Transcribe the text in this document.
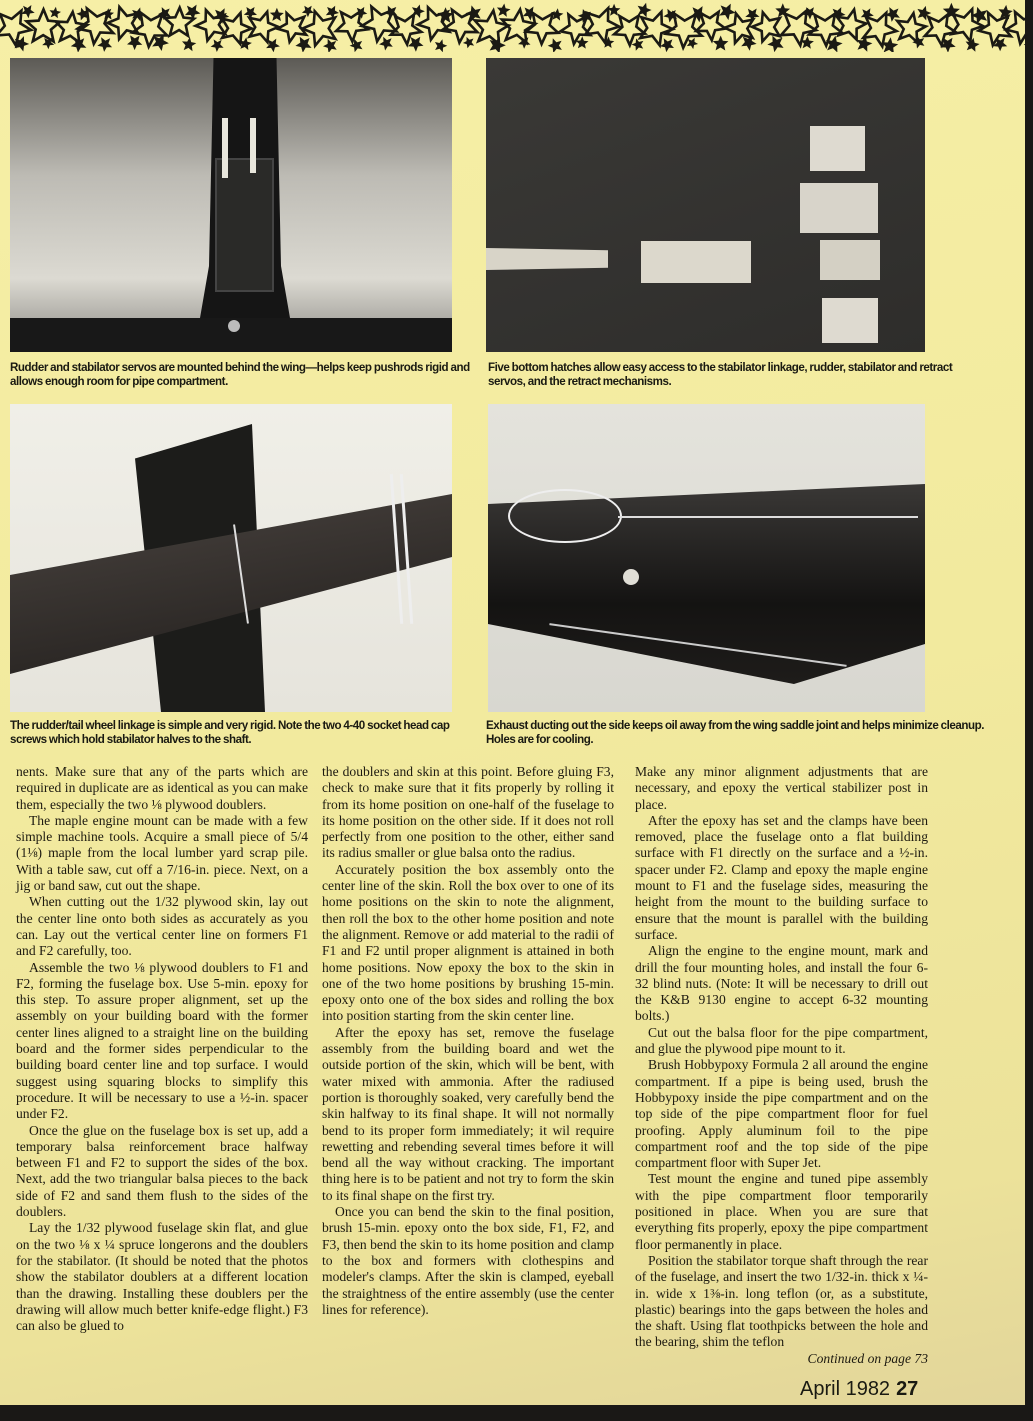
Rudder and stabilator servos are mounted behind the wing—helps keep pushrods rigid and allows enough room for pipe compartment.
Five bottom hatches allow easy access to the stabilator linkage, rudder, stabilator and retract servos, and the retract mechanisms.
The rudder/tail wheel linkage is simple and very rigid. Note the two 4-40 socket head cap screws which hold stabilator halves to the shaft.
Exhaust ducting out the side keeps oil away from the wing saddle joint and helps minimize cleanup. Holes are for cooling.

nents. Make sure that any of the parts which are required in duplicate are as identical as you can make them, especially the two ⅛ plywood doublers.

The maple engine mount can be made with a few simple machine tools. Acquire a small piece of 5/4 (1⅛) maple from the local lumber yard scrap pile. With a table saw, cut off a 7/16-in. piece. Next, on a jig or band saw, cut out the shape.

When cutting out the 1/32 plywood skin, lay out the center line onto both sides as accurately as you can. Lay out the vertical center line on formers F1 and F2 carefully, too.

Assemble the two ⅛ plywood doublers to F1 and F2, forming the fuselage box. Use 5-min. epoxy for this step. To assure proper alignment, set up the assembly on your building board with the former center lines aligned to a straight line on the building board and the former sides perpendicular to the building board center line and top surface. I would suggest using squaring blocks to simplify this procedure. It will be necessary to use a ½-in. spacer under F2.

Once the glue on the fuselage box is set up, add a temporary balsa reinforcement brace halfway between F1 and F2 to support the sides of the box. Next, add the two triangular balsa pieces to the back side of F2 and sand them flush to the sides of the doublers.

Lay the 1/32 plywood fuselage skin flat, and glue on the two ⅛ x ¼ spruce longerons and the doublers for the stabilator. (It should be noted that the photos show the stabilator doublers at a different location than the drawing. Installing these doublers per the drawing will allow much better knife-edge flight.) F3 can also be glued to

the doublers and skin at this point. Before gluing F3, check to make sure that it fits properly by rolling it from its home position on one-half of the fuselage to its home position on the other side. If it does not roll perfectly from one position to the other, either sand its radius smaller or glue balsa onto the radius.

Accurately position the box assembly onto the center line of the skin. Roll the box over to one of its home positions on the skin to note the alignment, then roll the box to the other home position and note the alignment. Remove or add material to the radii of F1 and F2 until proper alignment is attained in both home positions. Now epoxy the box to the skin in one of the two home positions by brushing 15-min. epoxy onto one of the box sides and rolling the box into position starting from the skin center line.

After the epoxy has set, remove the fuselage assembly from the building board and wet the outside portion of the skin, which will be bent, with water mixed with ammonia. After the radiused portion is thoroughly soaked, very carefully bend the skin halfway to its final shape. It will not normally bend to its proper form immediately; it wil require rewetting and rebending several times before it will bend all the way without cracking. The important thing here is to be patient and not try to form the skin to its final shape on the first try.

Once you can bend the skin to the final position, brush 15-min. epoxy onto the box side, F1, F2, and F3, then bend the skin to its home position and clamp to the box and formers with clothespins and modeler's clamps. After the skin is clamped, eyeball the straightness of the entire assembly (use the center lines for reference).

Make any minor alignment adjustments that are necessary, and epoxy the vertical stabilizer post in place.

After the epoxy has set and the clamps have been removed, place the fuselage onto a flat building surface with F1 directly on the surface and a ½-in. spacer under F2. Clamp and epoxy the maple engine mount to F1 and the fuselage sides, measuring the height from the mount to the building surface to ensure that the mount is parallel with the building surface.

Align the engine to the engine mount, mark and drill the four mounting holes, and install the four 6-32 blind nuts. (Note: It will be necessary to drill out the K&B 9130 engine to accept 6-32 mounting bolts.)

Cut out the balsa floor for the pipe compartment, and glue the plywood pipe mount to it.

Brush Hobbypoxy Formula 2 all around the engine compartment. If a pipe is being used, brush the Hobbypoxy inside the pipe compartment and on the top side of the pipe compartment floor for fuel proofing. Apply aluminum foil to the pipe compartment roof and the top side of the pipe compartment floor with Super Jet.

Test mount the engine and tuned pipe assembly with the pipe compartment floor temporarily positioned in place. When you are sure that everything fits properly, epoxy the pipe compartment floor permanently in place.

Position the stabilator torque shaft through the rear of the fuselage, and insert the two 1/32-in. thick x ¼-in. wide x 1⅜-in. long teflon (or, as a substitute, plastic) bearings into the gaps between the holes and the shaft. Using flat toothpicks between the hole and the bearing, shim the teflon

Continued on page 73

April 1982 27
